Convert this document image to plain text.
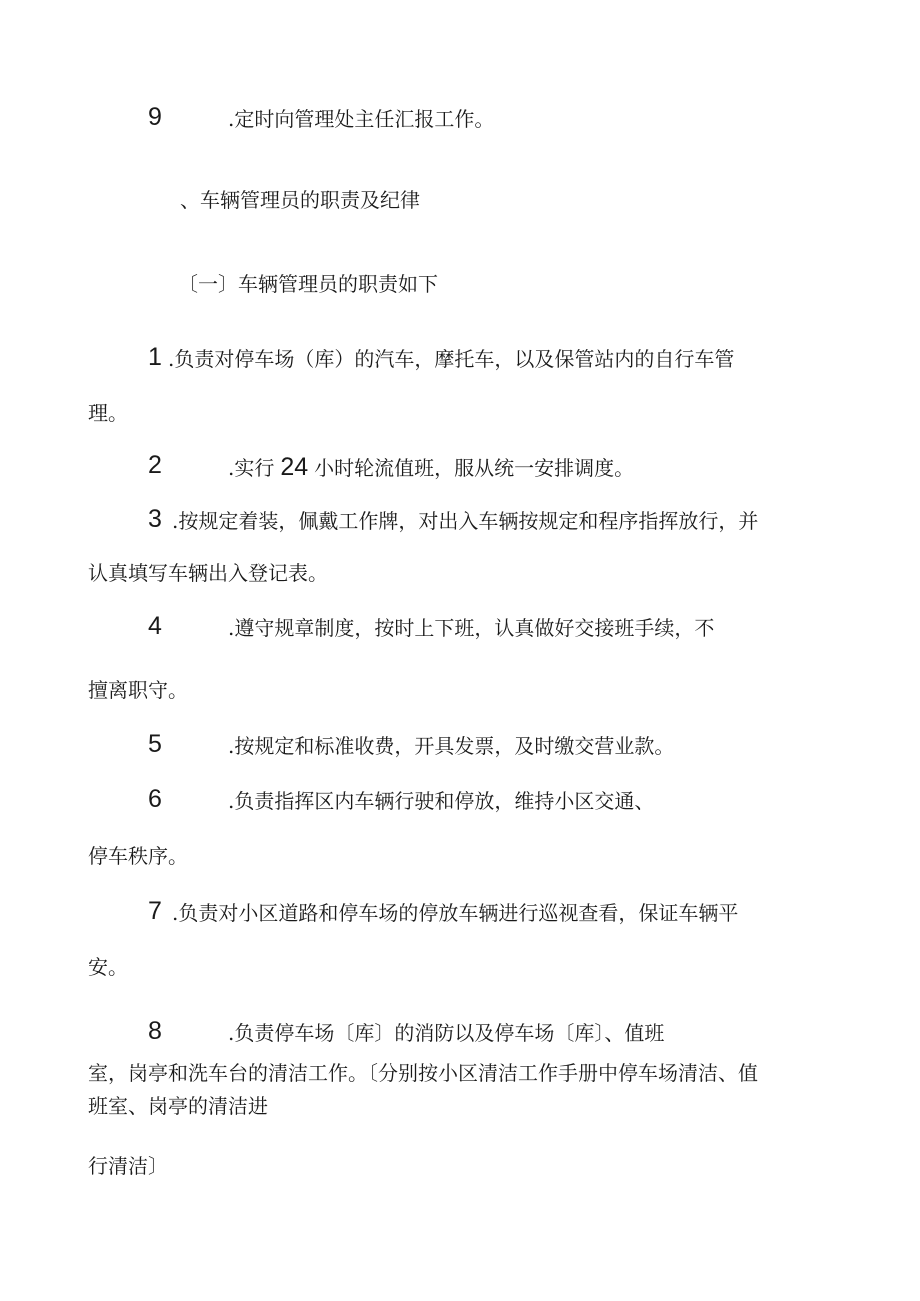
9	.定时向管理处主任汇报工作。
、车辆管理员的职责及纪律
〔一〕车辆管理员的职责如下
1 .负责对停车场（库）的汽车，摩托车，以及保管站内的自行车管
理。
2	.实行 24 小时轮流值班，服从统一安排调度。
3 .按规定着装，佩戴工作牌，对出入车辆按规定和程序指挥放行，并
认真填写车辆出入登记表。
4	.遵守规章制度，按时上下班，认真做好交接班手续，不
擅离职守。
5	.按规定和标准收费，开具发票，及时缴交营业款。
6	.负责指挥区内车辆行驶和停放，维持小区交通、
停车秩序。
7 .负责对小区道路和停车场的停放车辆进行巡视查看，保证车辆平
安。
8	.负责停车场〔库〕的消防以及停车场〔库〕、值班
室，岗亭和洗车台的清洁工作。〔分别按小区清洁工作手册中停车场清洁、值
班室、岗亭的清洁进
行清洁〕
